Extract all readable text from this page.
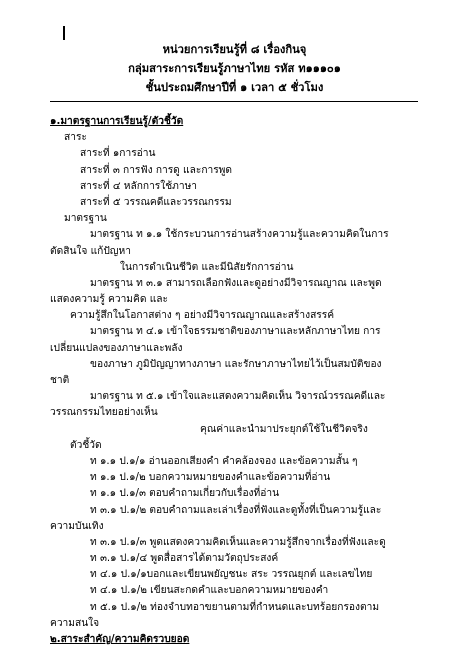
หน่วยการเรียนรู้ที่ ๘ เรื่องกินจุ
กลุ่มสาระการเรียนรู้ภาษาไทย รหัส ท๑๑๑๐๑
ชั้นประถมศึกษาปีที่ ๑ เวลา ๕ ชั่วโมง
๑.มาตรฐานการเรียนรู้/ตัวชี้วัด
สาระ
สาระที่ ๑การอ่าน
สาระที่ ๓ การฟัง การดู และการพูด
สาระที่ ๔ หลักการใช้ภาษา
สาระที่ ๕ วรรณคดีและวรรณกรรม
มาตรฐาน
มาตรฐาน ท ๑.๑ ใช้กระบวนการอ่านสร้างความรู้และความคิดในการ
ตัดสินใจ แก้ปัญหา
ในการดำเนินชีวิต และมีนิสัยรักการอ่าน
มาตรฐาน ท ๓.๑ สามารถเลือกฟังและดูอย่างมีวิจารณญาณ และพูด
แสดงความรู้ ความคิด และ
ความรู้สึกในโอกาสต่าง ๆ อย่างมีวิจารณญาณและสร้างสรรค์
มาตรฐาน ท ๔.๑ เข้าใจธรรมชาติของภาษาและหลักภาษาไทย การ
เปลี่ยนแปลงของภาษาและพลัง
ของภาษา ภูมิปัญญาทางภาษา และรักษาภาษาไทยไว้เป็นสมบัติของ
ชาติ
มาตรฐาน ท ๕.๑ เข้าใจและแสดงความคิดเห็น วิจารณ์วรรณคดีและ
วรรณกรรมไทยอย่างเห็น
คุณค่าและนำมาประยุกต์ใช้ในชีวิตจริง
ตัวชี้วัด
ท ๑.๑ ป.๑/๑ อ่านออกเสียงคำ คำคล้องจอง และข้อความสั้น ๆ
ท ๑.๑ ป.๑/๒ บอกความหมายของคำและข้อความที่อ่าน
ท ๑.๑ ป.๑/๓ ตอบคำถามเกี่ยวกับเรื่องที่อ่าน
ท ๓.๑ ป.๑/๒ ตอบคำถามและเล่าเรื่องที่ฟังและดูทั้งที่เป็นความรู้และ
ความบันเทิง
ท ๓.๑ ป.๑/๓ พูดแสดงความคิดเห็นและความรู้สึกจากเรื่องที่ฟังและดู
ท ๓.๑ ป.๑/๔ พูดสื่อสารได้ตามวัตถุประสงค์
ท ๔.๑ ป.๑/๑บอกและเขียนพยัญชนะ สระ วรรณยุกต์ และเลขไทย
ท ๔.๑ ป.๑/๒ เขียนสะกดคำและบอกความหมายของคำ
ท ๕.๑ ป.๑/๒ ท่องจำบทอาขยานตามที่กำหนดและบทร้อยกรองตาม
ความสนใจ
๒.สาระสำคัญ/ความคิดรวบยอด
